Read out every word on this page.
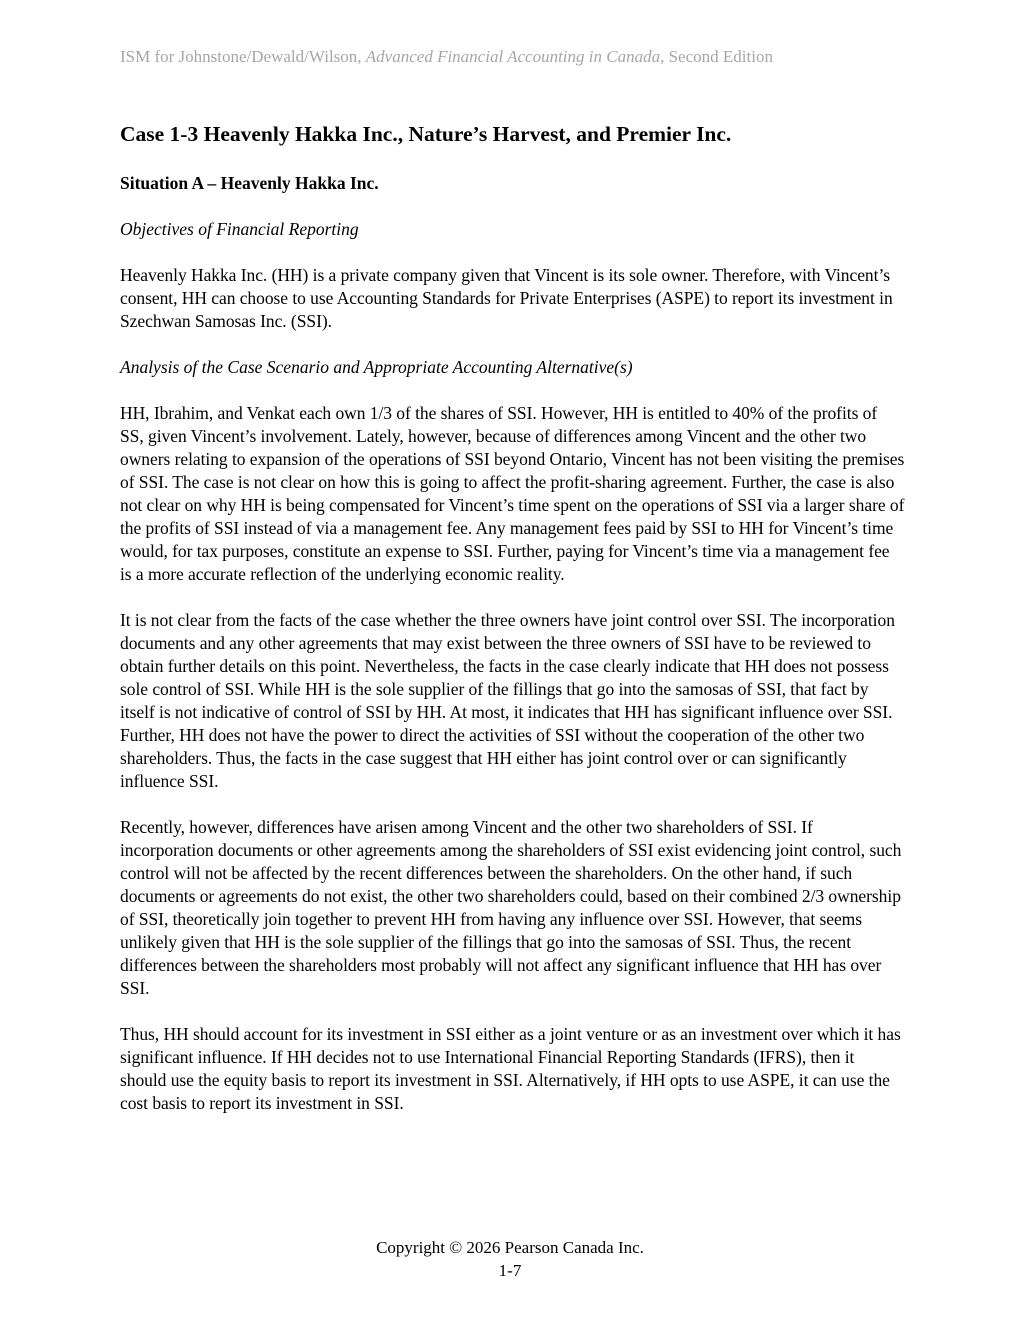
ISM for Johnstone/Dewald/Wilson, Advanced Financial Accounting in Canada, Second Edition
Case 1-3 Heavenly Hakka Inc., Nature’s Harvest, and Premier Inc.
Situation A – Heavenly Hakka Inc.
Objectives of Financial Reporting

Heavenly Hakka Inc. (HH) is a private company given that Vincent is its sole owner. Therefore, with Vincent’s consent, HH can choose to use Accounting Standards for Private Enterprises (ASPE) to report its investment in Szechwan Samosas Inc. (SSI).

Analysis of the Case Scenario and Appropriate Accounting Alternative(s)

HH, Ibrahim, and Venkat each own 1/3 of the shares of SSI. However, HH is entitled to 40% of the profits of SS, given Vincent’s involvement. Lately, however, because of differences among Vincent and the other two owners relating to expansion of the operations of SSI beyond Ontario, Vincent has not been visiting the premises of SSI. The case is not clear on how this is going to affect the profit-sharing agreement. Further, the case is also not clear on why HH is being compensated for Vincent’s time spent on the operations of SSI via a larger share of the profits of SSI instead of via a management fee. Any management fees paid by SSI to HH for Vincent’s time would, for tax purposes, constitute an expense to SSI. Further, paying for Vincent’s time via a management fee is a more accurate reflection of the underlying economic reality.

It is not clear from the facts of the case whether the three owners have joint control over SSI. The incorporation documents and any other agreements that may exist between the three owners of SSI have to be reviewed to obtain further details on this point. Nevertheless, the facts in the case clearly indicate that HH does not possess sole control of SSI. While HH is the sole supplier of the fillings that go into the samosas of SSI, that fact by itself is not indicative of control of SSI by HH. At most, it indicates that HH has significant influence over SSI. Further, HH does not have the power to direct the activities of SSI without the cooperation of the other two shareholders. Thus, the facts in the case suggest that HH either has joint control over or can significantly influence SSI.

Recently, however, differences have arisen among Vincent and the other two shareholders of SSI. If incorporation documents or other agreements among the shareholders of SSI exist evidencing joint control, such control will not be affected by the recent differences between the shareholders. On the other hand, if such documents or agreements do not exist, the other two shareholders could, based on their combined 2/3 ownership of SSI, theoretically join together to prevent HH from having any influence over SSI. However, that seems unlikely given that HH is the sole supplier of the fillings that go into the samosas of SSI. Thus, the recent differences between the shareholders most probably will not affect any significant influence that HH has over SSI.

Thus, HH should account for its investment in SSI either as a joint venture or as an investment over which it has significant influence. If HH decides not to use International Financial Reporting Standards (IFRS), then it should use the equity basis to report its investment in SSI. Alternatively, if HH opts to use ASPE, it can use the cost basis to report its investment in SSI.

Copyright © 2026 Pearson Canada Inc.
1-7
